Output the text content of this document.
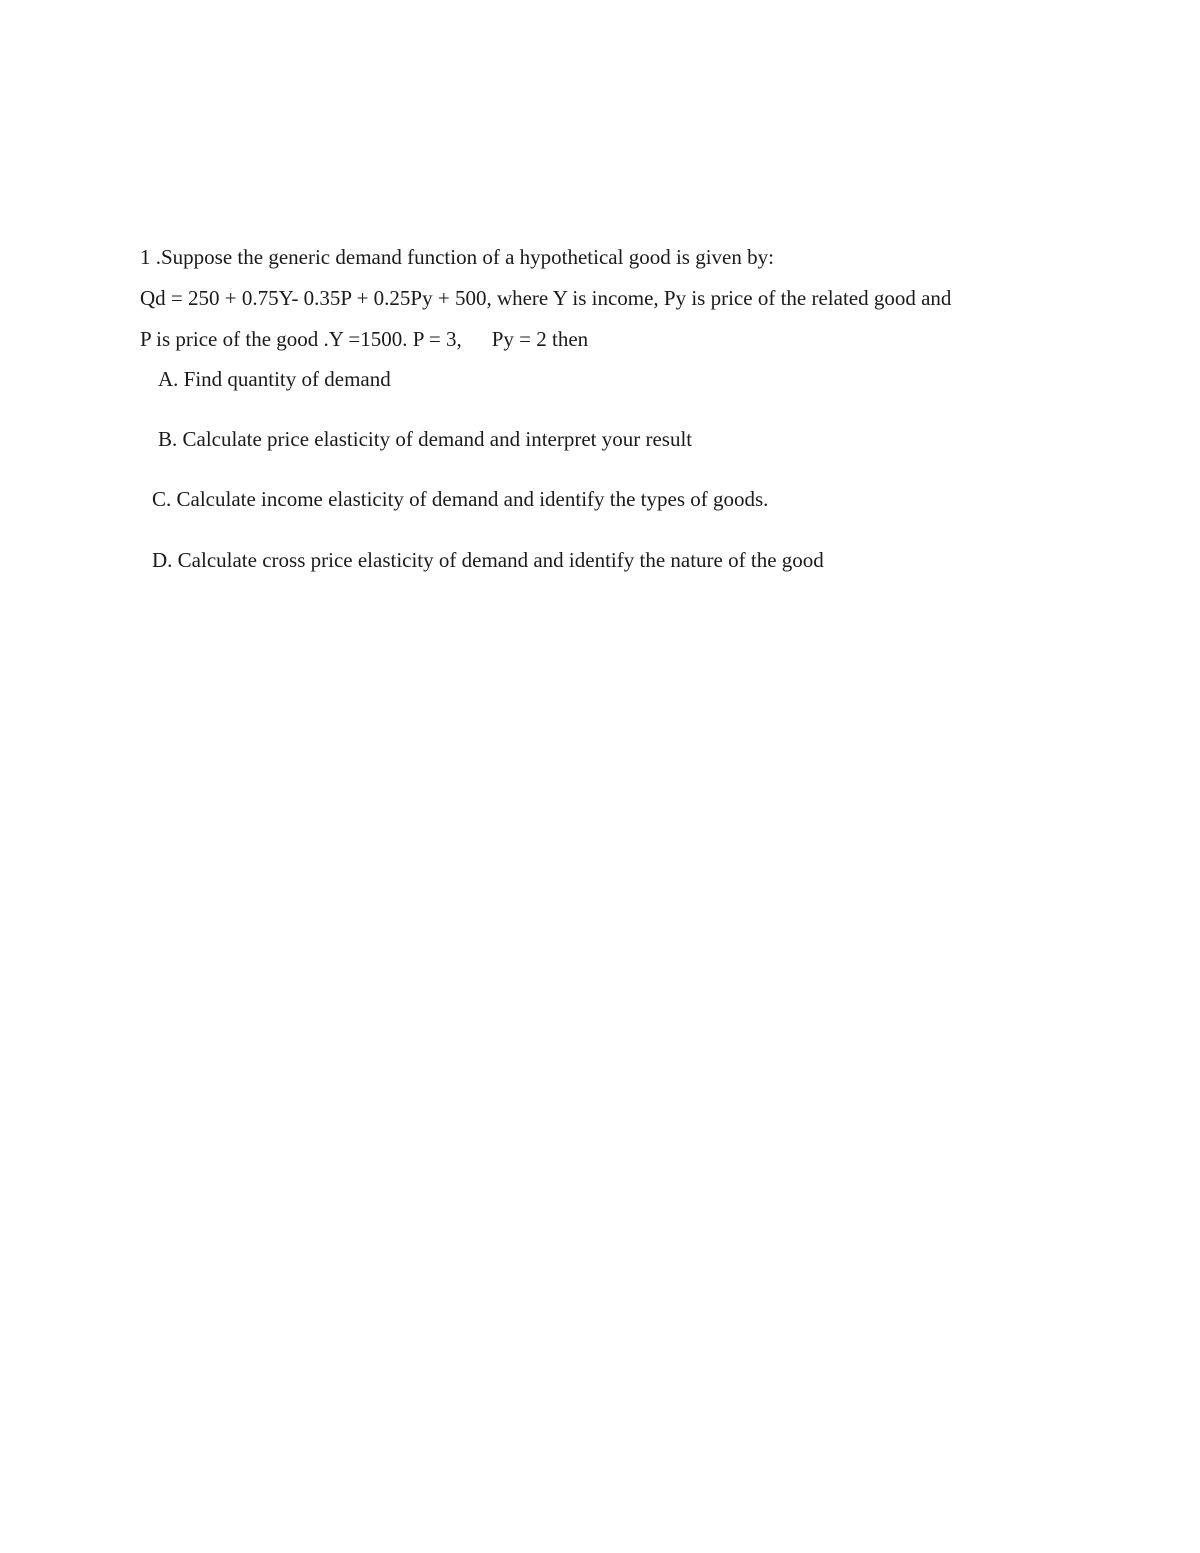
1 .Suppose the generic demand function of a hypothetical good is given by:
Qd = 250 + 0.75Y- 0.35P + 0.25Py + 500, where Y is income, Py is price of the related good and
P is price of the good .Y =1500. P = 3, Py = 2 then
A. Find quantity of demand
B. Calculate price elasticity of demand and interpret your result
C. Calculate income elasticity of demand and identify the types of goods.
D. Calculate cross price elasticity of demand and identify the nature of the good
